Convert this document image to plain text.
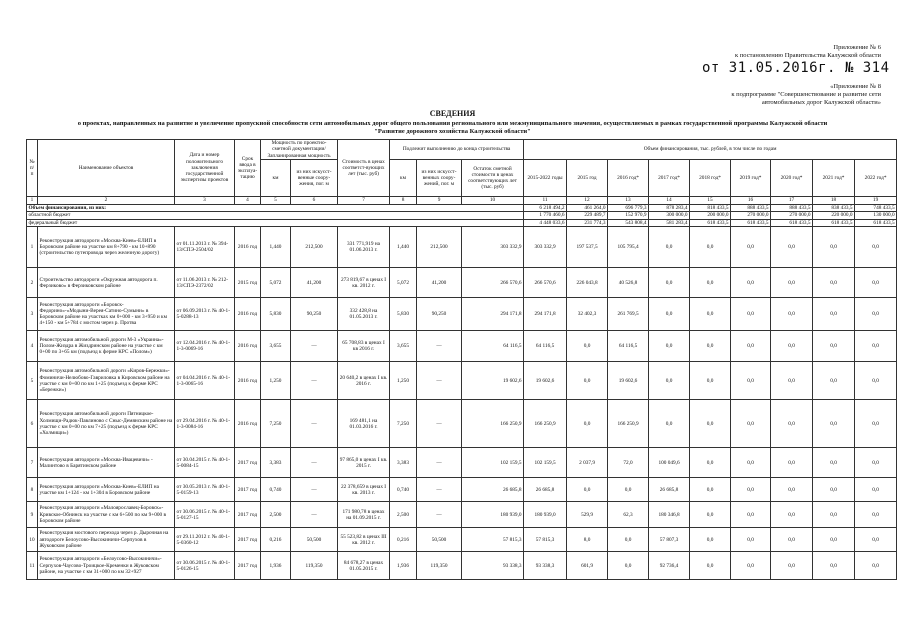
Приложение № 6
к постановлению Правительства Калужской области
от 31.05.2016г. № 314
«Приложение № 8
к подпрограмме "Совершенствование и развитие сети
автомобильных дорог Калужской области»
СВЕДЕНИЯ
о проектах, направленных на развитие и увеличение пропускной способности сети автомобильных дорог общего пользования регионального или межмуниципального значения, осуществляемых в рамках государственной программы Калужской области
"Развитие дорожного хозяйства Калужской области"
№ п/п	Наименование объектов	Дата и номер положительного заключения государственной экспертизы проектов	Срок ввода в эксплуа-тацию	Мощность по проектно-сметной документации/ Запланированная мощность		Стоимость в ценах соответст-вующих лет (тыс. руб)	Подлежит выполнению до конца строительства			Объем финансирования, тыс. рублей, в том числе по годам								
				км	из них искусст-венные соору-жения, пог. м		км	из них искусст-венных соору-жений, пог. м	Остаток сметной стоимости в ценах соответствующих лет (тыс. руб)	2015-2022 годы	2015 год	2016 год*	2017 год*	2018 год*	2019 год*	2020 год*	2021 год*	2022 год*
1	2	3	4	5	6	7	8	9	10	11	12	13	14	15	16	17	18	19
Объем финансирования, из них:										6 218 494,2	461 264,0	696 779,3	878 283,4	818 433,5	888 433,5	888 433,5	838 433,5	748 433,5
областной бюджет										1 770 460,6	229 489,7	152 970,9	300 000,0	200 000,0	270 000,0	270 000,0	220 000,0	130 000,0
федеральный бюджет										4 448 033,6	231 774,3	543 808,4	581 283,4	618 433,5	618 433,5	618 433,5	618 433,5	618 433,5
1	Реконструкция автодороги «Москва-Киев»-ЕЛИП в Боровском районе на участке км 8+790 - км 10+890 (строительство путепровода через железную дорогу)	от 01.11.2013 г. № 394-13/СПЭ-2504/02	2016 год	1,440	212,500	331 771,919 на 01.06.2013 г.	1,440	212,500	303 332,9	303 332,9	197 537,5	105 795,4	0,0	0,0	0,0	0,0	0,0	0,0
2	Строительство автодороги «Окружная автодорога п. Ферзиково» в Ферзиковском районе	от 11.06.2013 г. № 212-13/СПЭ-2372/02	2015 год	5,072	41,200	273 819,67 в ценах I кв. 2012 г.	5,072	41,200	266 570,6	266 570,6	226 043,8	40 526,8	0,0	0,0	0,0	0,0	0,0	0,0
3	Реконструкция автодороги «Боровск-Федорино»-«Модыни-Верея-Сатино-Сумыни» в Боровском районе на участках км 0+000 - км 3+950 и км 4+150 - км 5+784 с мостом через р. Протва	от 06.09.2013 г. № 40-1-5-0288-13	2016 год	5,830	90,250	332 428,8 на 01.05.2013 г.	5,830	90,250	294 171,8	294 171,8	32 402,3	261 769,5	0,0	0,0	0,0	0,0	0,0	0,0
4	Реконструкция автомобильной дороги М-3 «Украина»-Полом-Жиздра в Жиздринском районе на участке с км 0+00 по 3+65 км (подъезд к ферме КРС «Полом»)	от 12.04.2016 г. № 40-1-1-3-0069-16	2016 год	3,655	—	65 708,83 в ценах I кв 2016 г.	3,655	—	64 116,5	64 116,5	0,0	64 116,5	0,0	0,0	0,0	0,0	0,0	0,0
5	Реконструкция автомобильной дороги «Киров-Бережки»-Фоминичи-Нелюбово-Гавриловка в Кировском районе на участке с км 0+00 по км 1+25 (подъезд к ферме КРС «Бережки»)	от 04.04.2016 г. № 40-1-1-3-0065-16	2016 год	1,250	—	20 640,2 в ценах I кв. 2016 г.	1,250	—	19 602,6	19 602,6	0,0	19 602,6	0,0	0,0	0,0	0,0	0,0	0,0
6	Реконструкция автомобильной дороги Пятницкое-Холмищи-Радюк-Павлиново с Сныс-Демянским районе на участке с км 0+00 по км 7+25 (подъезд к ферме КРС «Холмищи»)	от 29.04.2016 г. № 40-1-1-3-0084-16	2016 год	7,250	—	169 481,1 на 01.03.2016 г.	7,250	—	166 250,9	166 250,9	0,0	166 250,9	0,0	0,0	0,0	0,0	0,0	0,0
7	Реконструкция автодороги «Москва-Ивацевичи» - Малинтово в Барятинском районе	от 30.04.2015 г. № 40-1-5-0084-15	2017 год	3,383	—	97 865,0 в ценах I кв. 2015 г.	3,383	—	102 159,5	102 159,5	2 037,9	72,0	100 049,6	0,0	0,0	0,0	0,0	0,0
8	Реконструкция автодороги «Москва-Киев»-ЕЛИП на участке км 1+124 - км 1+304 в Боровском районе	от 30.05.2013 г. № 40-1-5-0159-13	2017 год	0,740	—	22 378,659 в ценах I кв. 2013 г.	0,740	—	26 685,8	26 685,8	0,0	0,0	26 685,8	0,0	0,0	0,0	0,0	0,0
9	Реконструкция автодороги «Малоярославец-Боровск»-Кривское-Обнинск на участке с км 6+500 по км 9+000 в Боровском районе	от 30.06.2015 г. № 40-1-5-0127-15	2017 год	2,500	—	171 980,78 в ценах на 01.09.2015 г.	2,500	—	180 939,0	180 939,0	529,9	62,3	180 346,8	0,0	0,0	0,0	0,0	0,0
10	Реконструкция мостового перехода через р. Дырочная на автодороге Белоусово-Высокиничи-Серпухов в Жуковском районе	от 29.11.2012 г. № 40-1-5-0360-12	2017 год	0,216	50,500	55 523,82 в ценах III кв. 2012 г.	0,216	50,500	57 815,3	57 815,3	8,0	0,0	57 807,3	0,0	0,0	0,0	0,0	0,0
11	Реконструкция автодороги «Белоусово-Высокиничи»-Серпухов-Чаусово-Троицкое-Кременки в Жуковском районе, на участке с км 31+000 по км 32+927	от 30.06.2015 г. № 40-1-5-0126-15	2017 год	1,936	119,350	84 678,27 в ценах 01.05.2015 г.	1,936	119,350	93 338,3	93 338,3	601,9	0,0	92 736,4	0,0	0,0	0,0	0,0	0,0
